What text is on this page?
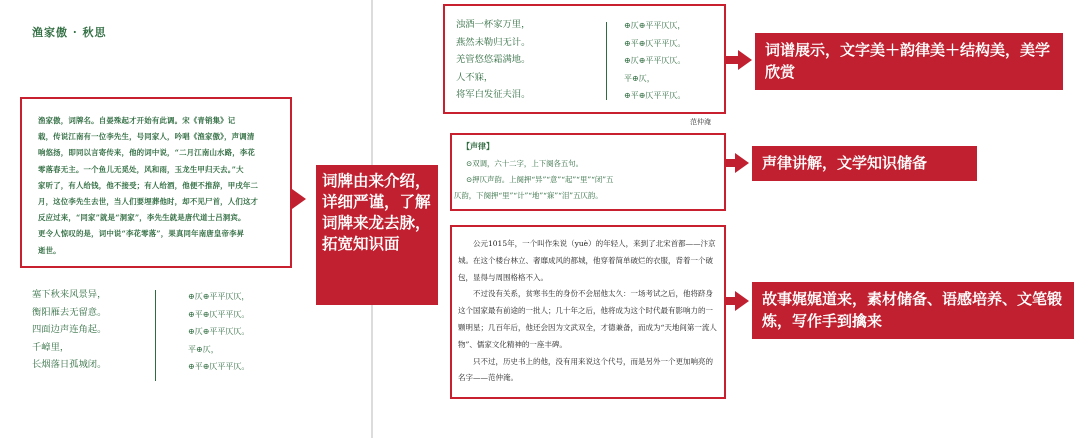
渔家傲 · 秋思
渔家傲，词牌名。自晏殊起才开始有此调。宋《青销集》记
载，传说江南有一位李先生，号同家人，吟唱《渔家傲》，声调清
响悠扬，即同以言寄传来，他的词中说，“二月江南山水路，李花
零落春无主。一个鱼儿无觅处，风和雨，玉龙生甲归天去。”大
家听了，有人给钱，他不接受；有人给酒，他便不推辞，甲戌年二
月，这位李先生去世，当人们要埋葬他时，却不见尸首，人们这才
反应过来，“同家”就是“洞家”，李先生就是唐代道士吕洞宾。
更令人惊叹的是，词中说“李花零落”，果真同年南唐皇帝李昇
逝世。
塞下秋来风景异，
衡阳雁去无留意。
四面边声连角起。
千嶂里，
长烟落日孤城闭。
⊕仄⊕平平仄仄，
⊕平⊕仄平平仄。
⊕仄⊕平平仄仄。
平⊕仄，
⊕平⊕仄平平仄。
浊酒一杯家万里，
燕然未勒归无计。
羌管悠悠霜满地。
人不寐，
将军白发征夫泪。
⊕仄⊕平平仄仄，
⊕平⊕仄平平仄。
⊕仄⊕平平仄仄。
平⊕仄，
⊕平⊕仄平平仄。
范仲淹
【声律】
⊙双调，六十二字，上下阕各五句。
⊙押仄声韵。上阕押“异”“意”“起”“里”“闭”五
仄韵，下阕押“里”“计”“地”“寐”“泪”五仄韵。

公元1015年，一个叫作朱说（yuè）的年轻人，来到了北宋首都——汴京城。在这个楼台林立、奢靡成风的都城，他穿着简单破烂的衣服，背着一个破包，显得与周围格格不入。

不过没有关系，贫寒书生的身份不会屈他太久：一场考试之后，他将跻身这个国家最有前途的一批人；几十年之后，他将成为这个时代最有影响力的一颗明星；几百年后，他还会因为文武双全，才德兼备，而成为“天地间第一流人物”、儒家文化精神的一座丰碑。

只不过，历史书上的他，没有用来说这个代号，而是另外一个更加响亮的名字——范仲淹。

词牌由来介绍，详细严谨，了解词牌来龙去脉，拓宽知识面
词谱展示，文字美＋韵律美＋结构美，美学欣赏
声律讲解，文学知识储备
故事娓娓道来，素材储备、语感培养、文笔锻炼，写作手到擒来
